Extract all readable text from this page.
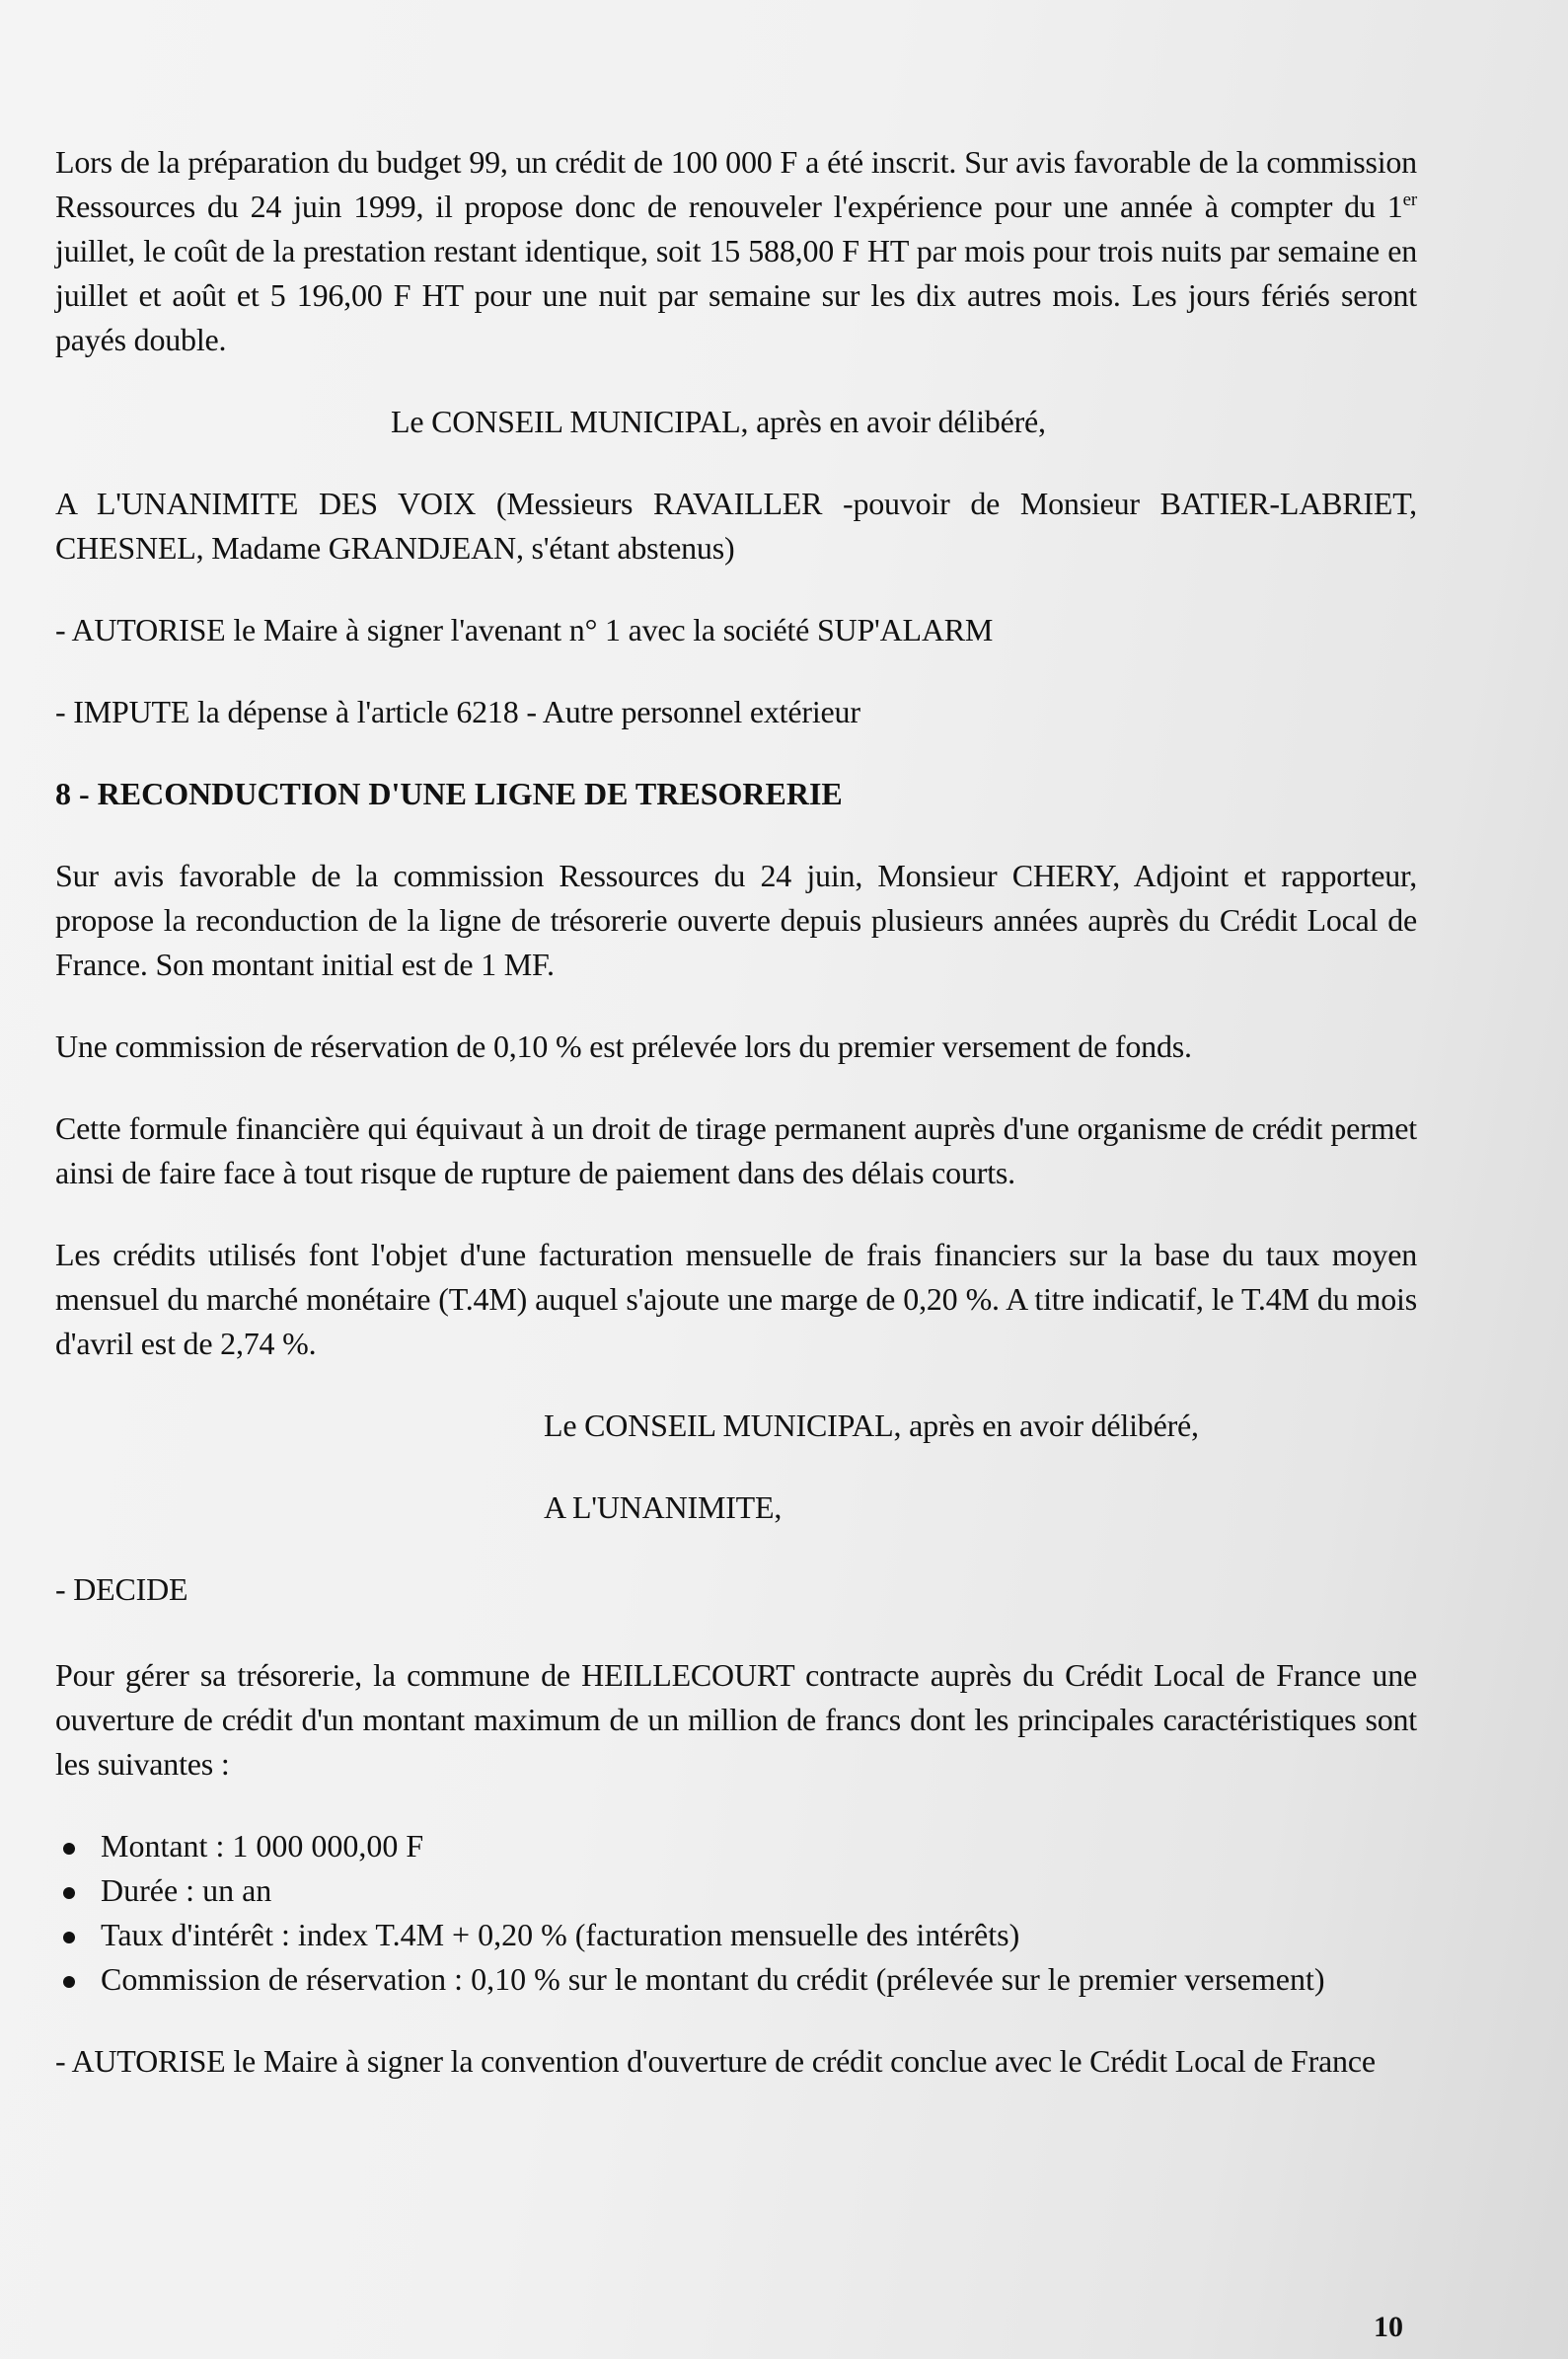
Lors de la préparation du budget 99, un crédit de 100 000 F a été inscrit. Sur avis favorable de la commission Ressources du 24 juin 1999, il propose donc de renouveler l'expérience pour une année à compter du 1er juillet, le coût de la prestation restant identique, soit 15 588,00 F HT par mois pour trois nuits par semaine en juillet et août et 5 196,00 F HT pour une nuit par semaine sur les dix autres mois. Les jours fériés seront payés double.

Le CONSEIL MUNICIPAL, après en avoir délibéré,

A L'UNANIMITE DES VOIX (Messieurs RAVAILLER -pouvoir de Monsieur BATIER-LABRIET, CHESNEL, Madame GRANDJEAN, s'étant abstenus)

- AUTORISE le Maire à signer l'avenant n° 1 avec la société SUP'ALARM

- IMPUTE la dépense à l'article 6218 - Autre personnel extérieur

8 - RECONDUCTION D'UNE LIGNE DE TRESORERIE

Sur avis favorable de la commission Ressources du 24 juin, Monsieur CHERY, Adjoint et rapporteur, propose la reconduction de la ligne de trésorerie ouverte depuis plusieurs années auprès du Crédit Local de France. Son montant initial est de 1 MF.

Une commission de réservation de 0,10 % est prélevée lors du premier versement de fonds.

Cette formule financière qui équivaut à un droit de tirage permanent auprès d'une organisme de crédit permet ainsi de faire face à tout risque de rupture de paiement dans des délais courts.

Les crédits utilisés font l'objet d'une facturation mensuelle de frais financiers sur la base du taux moyen mensuel du marché monétaire (T.4M) auquel s'ajoute une marge de 0,20 %. A titre indicatif, le T.4M du mois d'avril est de 2,74 %.

Le CONSEIL MUNICIPAL, après en avoir délibéré,

A L'UNANIMITE,

- DECIDE

Pour gérer sa trésorerie, la commune de HEILLECOURT contracte auprès du Crédit Local de France une ouverture de crédit d'un montant maximum de un million de francs dont les principales caractéristiques sont les suivantes :

Montant : 1 000 000,00 F
Durée : un an
Taux d'intérêt : index T.4M + 0,20 % (facturation mensuelle des intérêts)
Commission de réservation : 0,10 % sur le montant du crédit (prélevée sur le premier versement)

- AUTORISE le Maire à signer la convention d'ouverture de crédit conclue avec le Crédit Local de France

10
